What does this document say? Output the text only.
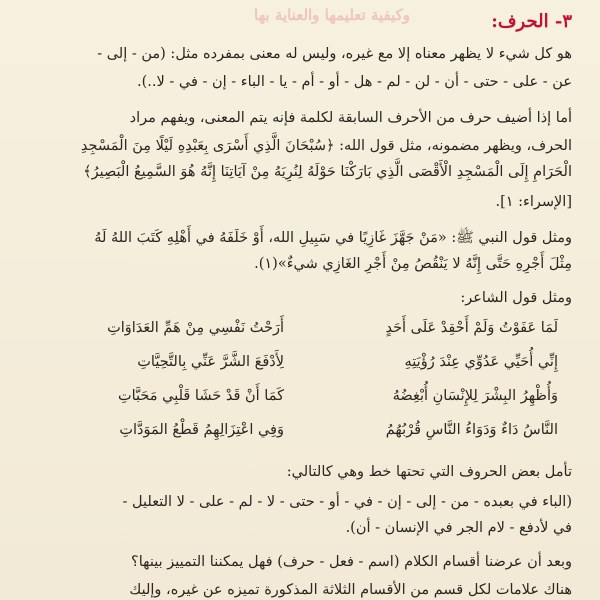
وكيفية تعليمها والعناية بها	٣- الحرف:
هو كل شيء لا يظهر معناه إلا مع غيره، وليس له معنى بمفرده مثل: (من - إلى -
عن - على - حتى - أن - لن - لم - هل - أو - أم - يا - الباء - إن - في - لا..).
أما إذا أضيف حرف من الأحرف السابقة لكلمة فإنه يتم المعنى، ويفهم مراد
الحرف، ويظهر مضمونه، مثل قول الله: ﴿سُبْحَانَ الَّذِي أَسْرَى بِعَبْدِهِ لَيْلًا مِنَ الْمَسْجِدِ
الْحَرَامِ إِلَى الْمَسْجِدِ الْأَقْصَى الَّذِي بَارَكْنَا حَوْلَهُ لِنُرِيَهُ مِنْ آيَاتِنَا إِنَّهُ هُوَ السَّمِيعُ الْبَصِيرُ﴾
[الإسراء: ١].
ومثل قول النبي ﷺ: «مَنْ جَهَّزَ غَازِيًا في سَبِيلِ الله، أَوْ خَلَفَهُ في أَهْلِهِ كَتَبَ اللهُ لَهُ
مِثْلَ أَجْرِهِ حَتَّى إِنَّهُ لا يَنْقُصُ مِنْ أَجْرِ الغَازِي شيءٌ»(١).
ومثل قول الشاعر:
لَمَا عَفَوْتُ وَلَمْ أَحْقِدْ عَلَى أَحَدٍ
أَرَحْتُ نَفْسِي مِنْ هَمِّ العَدَاوَاتِ
إِنِّي أُحَيِّي عَدُوِّي عِنْدَ رُؤْيَتِهِ
لِأَدْفَعَ الشَّرَّ عَنِّي بِالتَّحِيَّاتِ
وَأُظْهِرُ البِشْرَ لِلإِنْسَانِ أُبْغِضُهُ
كَمَا أَنْ قَدْ حَشَا قَلْبِي مَحَبَّاتِ
النَّاسُ دَاءٌ وَدَوَاءُ النَّاسِ قُرْبُهُمُ
وَفِي اعْتِزَالِهِمُ قَطْعُ المَوَدَّاتِ
تأمل بعض الحروف التي تحتها خط وهي كالتالي:
(الباء في بعبده - من - إلى - إن - في - أو - حتى - لا - لم - على - لا التعليل -
في لأدفع - لام الجر في الإنسان - أن).
وبعد أن عرضنا أقسام الكلام (اسم - فعل - حرف) فهل يمكننا التمييز بينها؟
هناك علامات لكل قسم من الأقسام الثلاثة المذكورة تميزه عن غيره، وإليك
